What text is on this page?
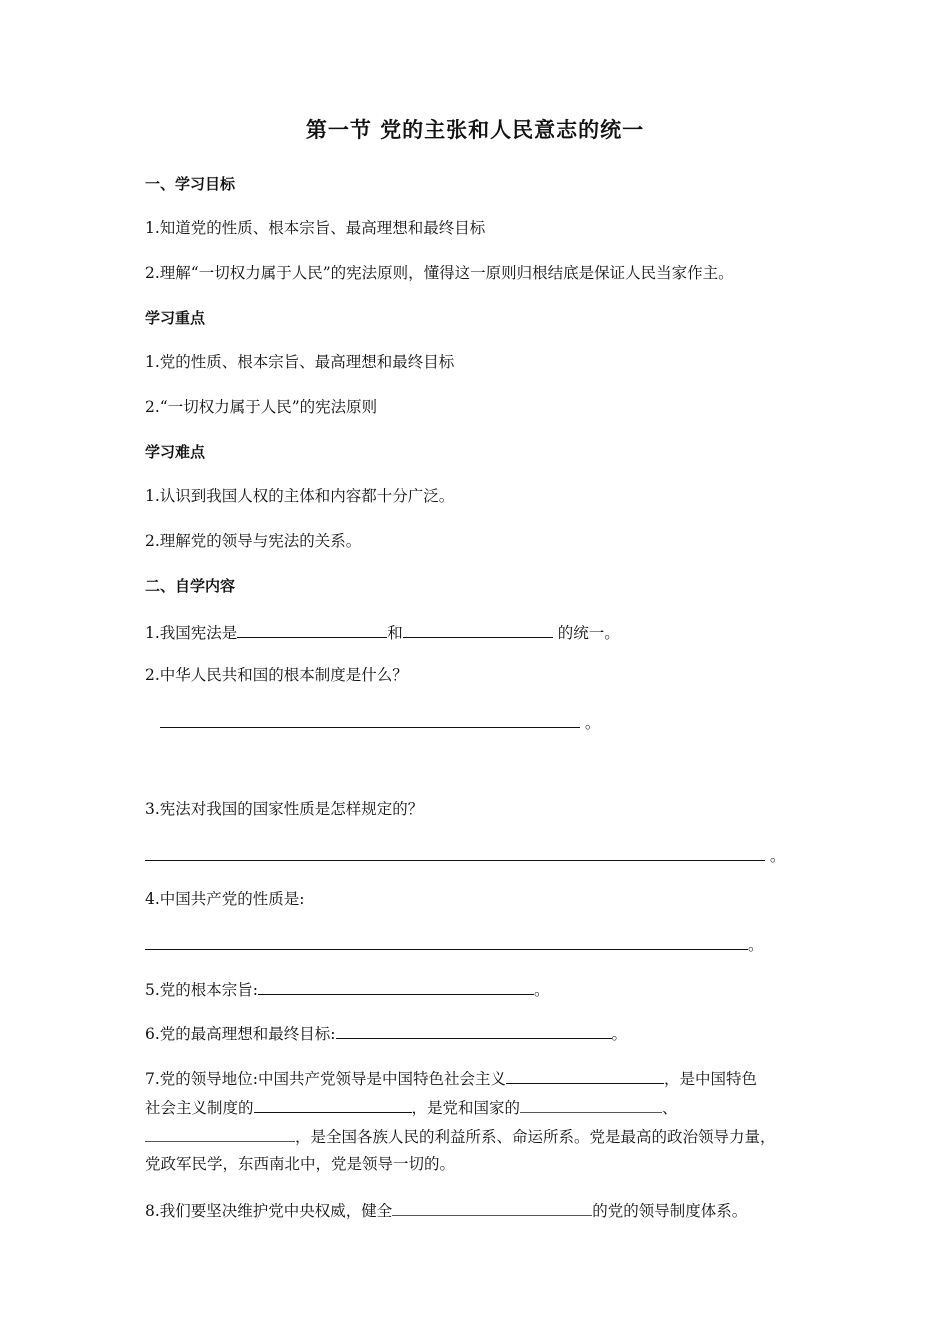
第一节 党的主张和人民意志的统一
一、学习目标
1.知道党的性质、根本宗旨、最高理想和最终目标
2.理解“一切权力属于人民”的宪法原则，懂得这一原则归根结底是保证人民当家作主。
学习重点
1.党的性质、根本宗旨、最高理想和最终目标
2.“一切权力属于人民”的宪法原则
学习难点
1.认识到我国人权的主体和内容都十分广泛。
2.理解党的领导与宪法的关系。
二、自学内容
1.我国宪法是	和	的统一。
2.中华人民共和国的根本制度是什么？
。
3.宪法对我国的国家性质是怎样规定的？
。
4.中国共产党的性质是:
。
5.党的根本宗旨:	。
6.党的最高理想和最终目标:	。
7.党的领导地位:中国共产党领导是中国特色社会主义	，是中国特色
社会主义制度的	，是党和国家的	、
，是全国各族人民的利益所系、命运所系。党是最高的政治领导力量，
党政军民学，东西南北中，党是领导一切的。
8.我们要坚决维护党中央权威，健全	的党的领导制度体系。
